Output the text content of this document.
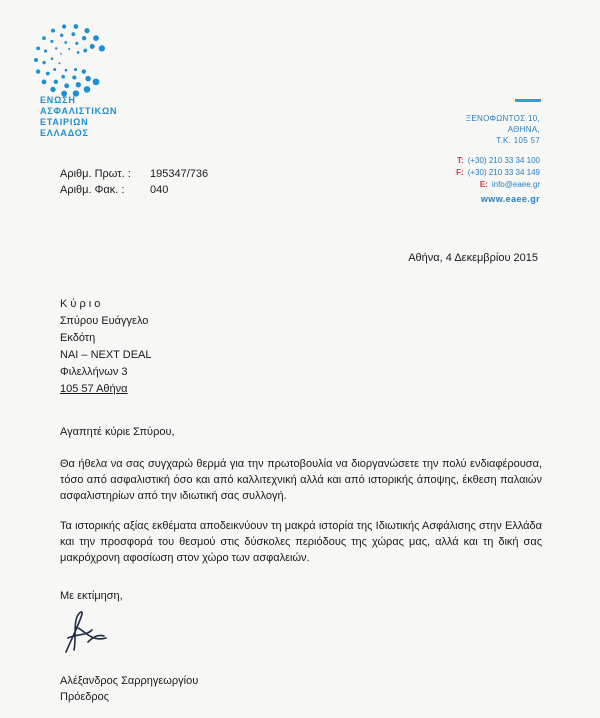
ΕΝΩΣΗ
ΑΣΦΑΛΙΣΤΙΚΩΝ
ΕΤΑΙΡΙΩΝ
ΕΛΛΑΔΟΣ
ΞΕΝΟΦΩΝΤΟΣ 10,
ΑΘΗΝΑ,
Τ.Κ. 105 57
T: (+30) 210 33 34 100
F: (+30) 210 33 34 149
E: info@eaee.gr
www.eaee.gr
Αριθμ. Πρωτ. :	195347/736
Αριθμ. Φακ. :	040
Αθήνα, 4 Δεκεμβρίου 2015
Κ ύ ρ ι ο
Σπύρου Ευάγγελο
Εκδότη
ΝΑΙ – NEXT DEAL
Φιλελλήνων 3
105 57 Αθήνα
Αγαπητέ κύριε Σπύρου,

Θα ήθελα να σας συγχαρώ θερμά για την πρωτοβουλία να διοργανώσετε την πολύ ενδιαφέρουσα, τόσο από ασφαλιστική όσο και από καλλιτεχνική αλλά και από ιστορικής άποψης, έκθεση παλαιών ασφαλιστηρίων από την ιδιωτική σας συλλογή.

Τα ιστορικής αξίας εκθέματα αποδεικνύουν τη μακρά ιστορία της Ιδιωτικής Ασφάλισης στην Ελλάδα και την προσφορά του θεσμού στις δύσκολες περιόδους της χώρας μας, αλλά και τη δική σας μακρόχρονη αφοσίωση στον χώρο των ασφαλειών.

Με εκτίμηση,
Αλέξανδρος Σαρρηγεωργίου
Πρόεδρος
